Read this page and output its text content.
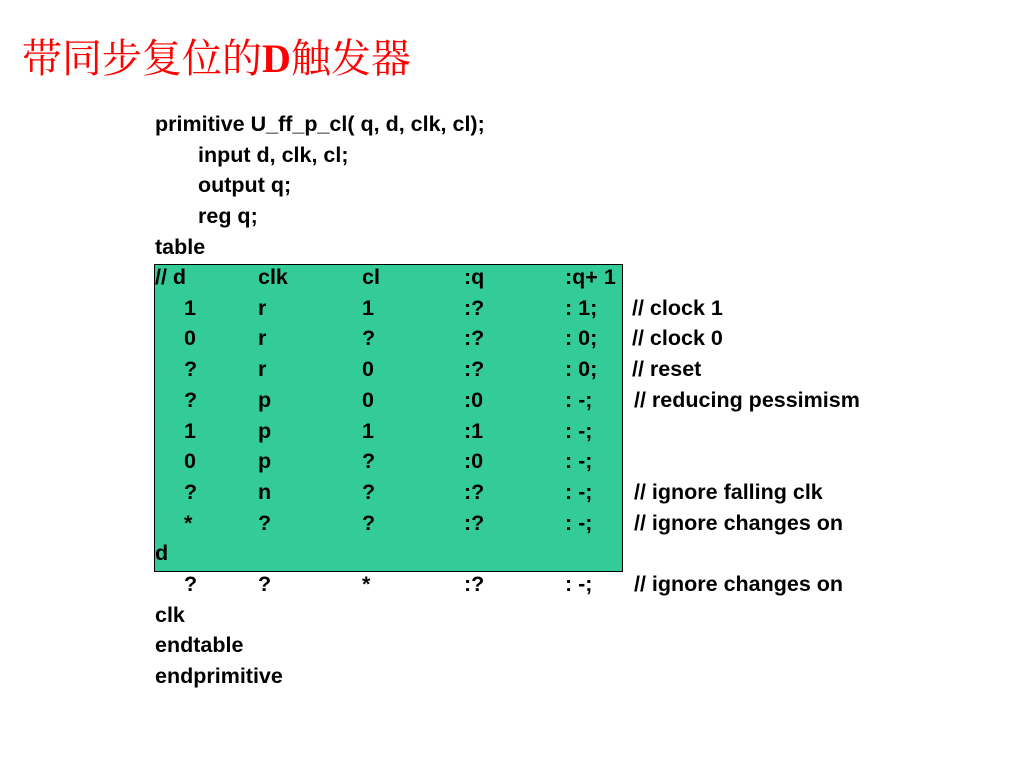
带同步复位的D触发器
primitive U_ff_p_cl( q, d, clk, cl);
input d, clk, cl;
output q;
reg q;
table
// d	clk	cl	:q	:q+ 1
1	r	1	:?	: 1; // clock 1
0	r	?	:?	: 0; // clock 0
?	r	0	:?	: 0; // reset
?	p	0	:0	: -; // reducing pessimism
1	p	1	:1	: -;
0	p	?	:0	: -;
?	n	?	:?	: -; // ignore falling clk
*	?	?	:?	: -; // ignore changes on
d
?	?	*	:?	: -; // ignore changes on
clk
endtable
endprimitive
